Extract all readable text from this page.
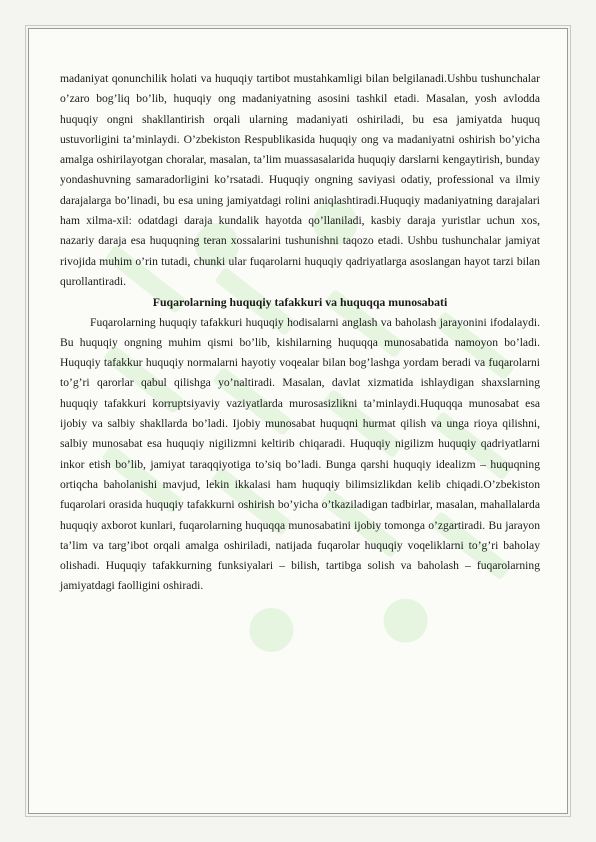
madaniyat qonunchilik holati va huquqiy tartibot mustahkamligi bilan belgilanadi.Ushbu tushunchalar o’zaro bog’liq bo’lib, huquqiy ong madaniyatning asosini tashkil etadi. Masalan, yosh avlodda huquqiy ongni shakllantirish orqali ularning madaniyati oshiriladi, bu esa jamiyatda huquq ustuvorligini ta’minlaydi. O’zbekiston Respublikasida huquqiy ong va madaniyatni oshirish bo’yicha amalga oshirilayotgan choralar, masalan, ta’lim muassasalarida huquqiy darslarni kengaytirish, bunday yondashuvning samaradorligini ko’rsatadi. Huquqiy ongning saviyasi odatiy, professional va ilmiy darajalarga bo’linadi, bu esa uning jamiyatdagi rolini aniqlashtiradi.Huquqiy madaniyatning darajalari ham xilma-xil: odatdagi daraja kundalik hayotda qo’llaniladi, kasbiy daraja yuristlar uchun xos, nazariy daraja esa huquqning teran xossalarini tushunishni taqozo etadi. Ushbu tushunchalar jamiyat rivojida muhim o’rin tutadi, chunki ular fuqarolarni huquqiy qadriyatlarga asoslangan hayot tarzi bilan qurollantiradi.

Fuqarolarning huquqiy tafakkuri va huquqqa munosabati

Fuqarolarning huquqiy tafakkuri huquqiy hodisalarni anglash va baholash jarayonini ifodalaydi. Bu huquqiy ongning muhim qismi bo’lib, kishilarning huquqqa munosabatida namoyon bo’ladi. Huquqiy tafakkur huquqiy normalarni hayotiy voqealar bilan bog’lashga yordam beradi va fuqarolarni to’g’ri qarorlar qabul qilishga yo’naltiradi. Masalan, davlat xizmatida ishlaydigan shaxslarning huquqiy tafakkuri korruptsiyaviy vaziyatlarda murosasizlikni ta’minlaydi.Huquqqa munosabat esa ijobiy va salbiy shakllarda bo’ladi. Ijobiy munosabat huquqni hurmat qilish va unga rioya qilishni, salbiy munosabat esa huquqiy nigilizmni keltirib chiqaradi. Huquqiy nigilizm huquqiy qadriyatlarni inkor etish bo’lib, jamiyat taraqqiyotiga to’siq bo’ladi. Bunga qarshi huquqiy idealizm – huquqning ortiqcha baholanishi mavjud, lekin ikkalasi ham huquqiy bilimsizlikdan kelib chiqadi.O’zbekiston fuqarolari orasida huquqiy tafakkurni oshirish bo’yicha o’tkaziladigan tadbirlar, masalan, mahallalarda huquqiy axborot kunlari, fuqarolarning huquqqa munosabatini ijobiy tomonga o’zgartiradi. Bu jarayon ta’lim va targ’ibot orqali amalga oshiriladi, natijada fuqarolar huquqiy voqeliklarni to’g’ri baholay olishadi. Huquqiy tafakkurning funksiyalari – bilish, tartibga solish va baholash – fuqarolarning jamiyatdagi faolligini oshiradi.
